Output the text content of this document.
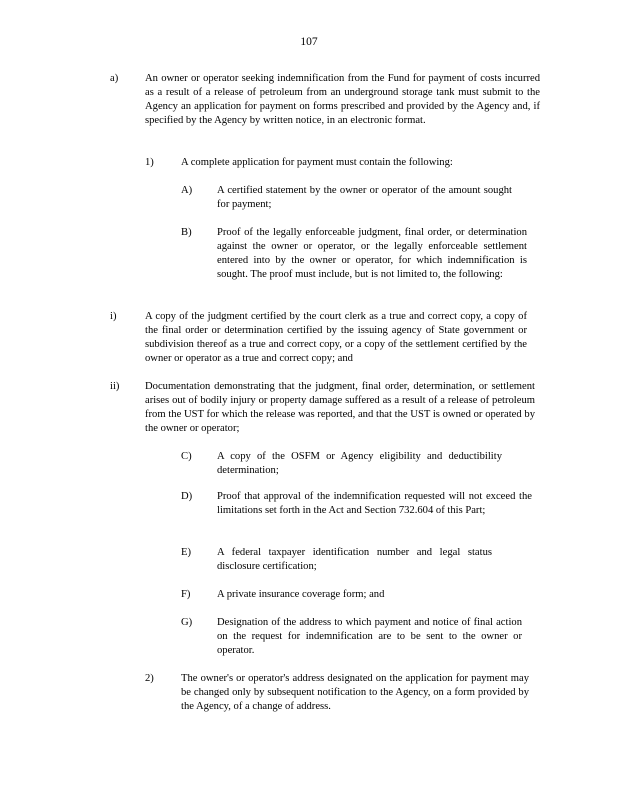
107
a)	An owner or operator seeking indemnification from the Fund for payment of costs incurred as a result of a release of petroleum from an underground storage tank must submit to the Agency an application for payment on forms prescribed and provided by the Agency and, if specified by the Agency by written notice, in an electronic format.
1)	A complete application for payment must contain the following:
A) A certified statement by the owner or operator of the amount sought for payment;
B) Proof of the legally enforceable judgment, final order, or determination against the owner or operator, or the legally enforceable settlement entered into by the owner or operator, for which indemnification is sought. The proof must include, but is not limited to, the following:
i)	A copy of the judgment certified by the court clerk as a true and correct copy, a copy of the final order or determination certified by the issuing agency of State government or subdivision thereof as a true and correct copy, or a copy of the settlement certified by the owner or operator as a true and correct copy; and
ii) Documentation demonstrating that the judgment, final order, determination, or settlement arises out of bodily injury or property damage suffered as a result of a release of petroleum from the UST for which the release was reported, and that the UST is owned or operated by the owner or operator;
C) A copy of the OSFM or Agency eligibility and deductibility determination;
D) Proof that approval of the indemnification requested will not exceed the limitations set forth in the Act and Section 732.604 of this Part;
E) A federal taxpayer identification number and legal status disclosure certification;
F)	A private insurance coverage form; and
G) Designation of the address to which payment and notice of final action on the request for indemnification are to be sent to the owner or operator.
2)	The owner's or operator's address designated on the application for payment may be changed only by subsequent notification to the Agency, on a form provided by the Agency, of a change of address.
